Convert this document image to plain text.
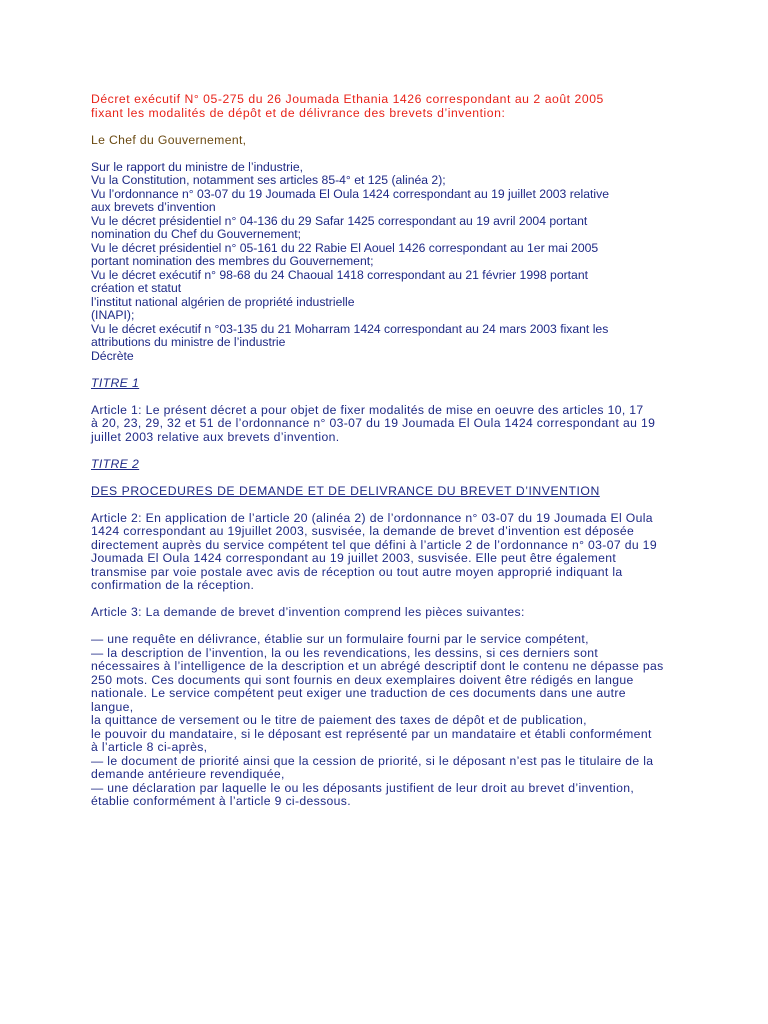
Décret exécutif N° 05-275 du 26 Joumada Ethania 1426 correspondant au 2 août 2005
fixant les modalités de dépôt et de délivrance des brevets d’invention:
Le Chef du Gouvernement,
Sur le rapport du ministre de l’industrie,
Vu la Constitution, notamment ses articles 85-4° et 125 (alinéa 2);
Vu l’ordonnance n° 03-07 du 19 Joumada El Oula 1424 correspondant au 19 juillet 2003 relative
aux brevets d’invention
Vu le décret présidentiel n° 04-136 du 29 Safar 1425 correspondant au 19 avril 2004 portant
nomination du Chef du Gouvernement;
Vu le décret présidentiel n° 05-161 du 22 Rabie El Aouel 1426 correspondant au 1er mai 2005
portant nomination des membres du Gouvernement;
Vu le décret exécutif n° 98-68 du 24 Chaoual 1418 correspondant au 21 février 1998 portant
création et statut
l’institut national algérien de propriété industrielle
(INAPI);
Vu le décret exécutif n °03-135 du 21 Moharram 1424 correspondant au 24 mars 2003 fixant les
attributions du ministre de l’industrie
Décrète
TITRE 1
Article 1: Le présent décret a pour objet de fixer modalités de mise en oeuvre des articles 10, 17
à 20, 23, 29, 32 et 51 de l’ordonnance n° 03-07 du 19 Joumada El Oula 1424 correspondant au 19
juillet 2003 relative aux brevets d’invention.
TITRE 2
DES PROCEDURES DE DEMANDE ET DE DELIVRANCE DU BREVET D’INVENTION
Article 2: En application de l’article 20 (alinéa 2) de l’ordonnance n° 03-07 du 19 Joumada El Oula
1424 correspondant au 19juillet 2003, susvisée, la demande de brevet d’invention est déposée
directement auprès du service compétent tel que défini à l’article 2 de l’ordonnance n° 03-07 du 19
Joumada El Oula 1424 correspondant au 19 juillet 2003, susvisée. Elle peut être également
transmise par voie postale avec avis de réception ou tout autre moyen approprié indiquant la
confirmation de la réception.
Article 3: La demande de brevet d’invention comprend les pièces suivantes:
— une requête en délivrance, établie sur un formulaire fourni par le service compétent,
— la description de l’invention, la ou les revendications, les dessins, si ces derniers sont
nécessaires à l’intelligence de la description et un abrégé descriptif dont le contenu ne dépasse pas
250 mots. Ces documents qui sont fournis en deux exemplaires doivent être rédigés en langue
nationale. Le service compétent peut exiger une traduction de ces documents dans une autre
langue,
la quittance de versement ou le titre de paiement des taxes de dépôt et de publication,
le pouvoir du mandataire, si le déposant est représenté par un mandataire et établi conformément
à l’article 8 ci-après,
— le document de priorité ainsi que la cession de priorité, si le déposant n’est pas le titulaire de la
demande antérieure revendiquée,
— une déclaration par laquelle le ou les déposants justifient de leur droit au brevet d’invention,
établie conformément à l’article 9 ci-dessous.
